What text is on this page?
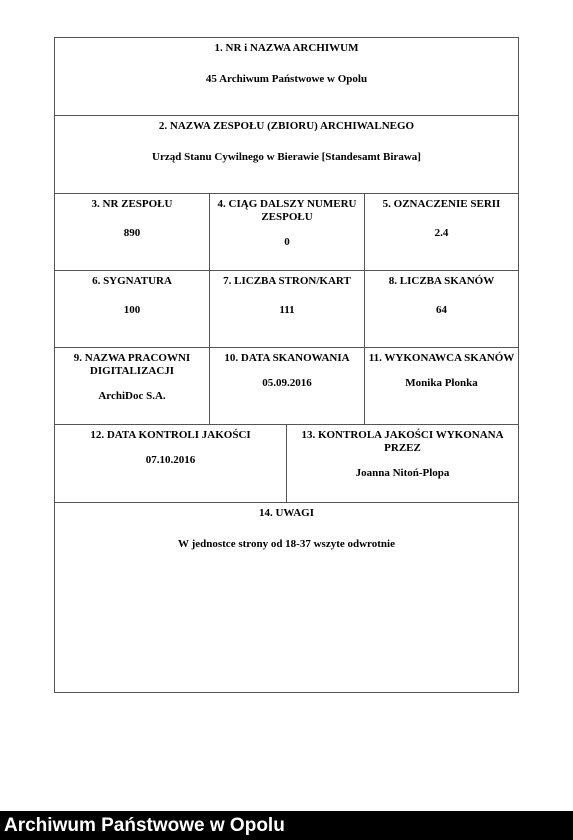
1. NR i NAZWA ARCHIWUM
45 Archiwum Państwowe w Opolu
2. NAZWA ZESPOŁU (ZBIORU) ARCHIWALNEGO
Urząd Stanu Cywilnego w Bierawie [Standesamt Birawa]
3. NR ZESPOŁU
890
4. CIĄG DALSZY NUMERU ZESPOŁU
0
5. OZNACZENIE SERII
2.4
6. SYGNATURA
100
7. LICZBA STRON/KART
111
8. LICZBA SKANÓW
64
9. NAZWA PRACOWNI DIGITALIZACJI
ArchiDoc S.A.
10. DATA SKANOWANIA
05.09.2016
11. WYKONAWCA SKANÓW
Monika Płonka
12. DATA KONTROLI JAKOŚCI
07.10.2016
13. KONTROLA JAKOŚCI WYKONANA PRZEZ
Joanna Nitoń-Plopa
14. UWAGI
W jednostce strony od 18-37 wszyte odwrotnie
Archiwum Państwowe w Opolu
